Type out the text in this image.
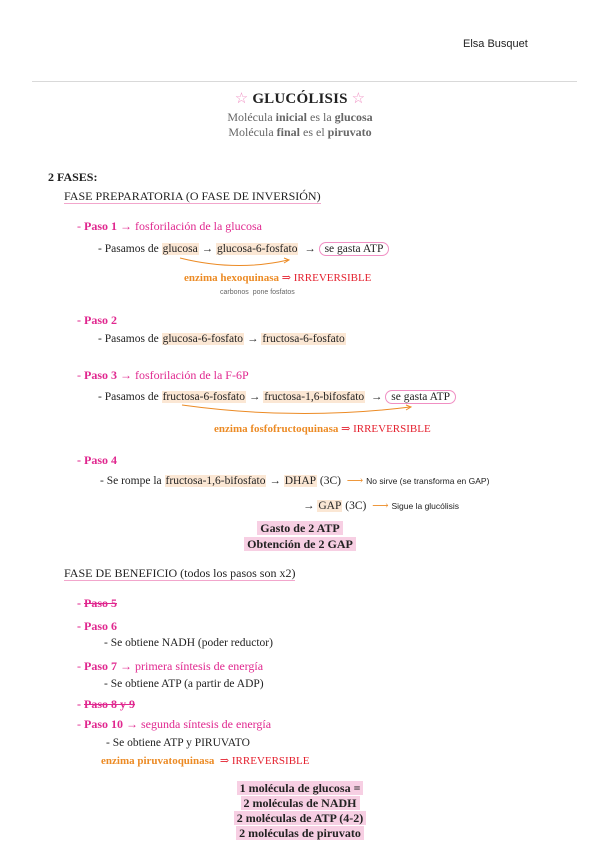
Elsa Busquet
☆ GLUCÓLISIS ☆
Molécula inicial es la glucosa
Molécula final es el piruvato
2 FASES:
FASE PREPARATORIA (O FASE DE INVERSIÓN)
- Paso 1 → fosforilación de la glucosa
- Pasamos de glucosa → glucosa-6-fosfato  → se gasta ATP
enzima hexoquinasa ⇒ IRREVERSIBLE
carbonos pone fosfatos
- Paso 2
- Pasamos de glucosa-6-fosfato → fructosa-6-fosfato
- Paso 3 → fosforilación de la F-6P
- Pasamos de fructosa-6-fosfato → fructosa-1,6-bifosfato  → se gasta ATP
enzima fosfofructoquinasa ⇒ IRREVERSIBLE
- Paso 4
- Se rompe la fructosa-1,6-bifosfato → DHAP (3C)  ⟶ No sirve (se transforma en GAP)
→ GAP (3C)  ⟶ Sigue la glucólisis
Gasto de 2 ATP
Obtención de 2 GAP
FASE DE BENEFICIO (todos los pasos son x2)
- Paso 5
- Paso 6
- Se obtiene NADH (poder reductor)
- Paso 7 → primera síntesis de energía
- Se obtiene ATP (a partir de ADP)
- Paso 8 y 9
- Paso 10 → segunda síntesis de energía
- Se obtiene ATP y PIRUVATO
enzima piruvatoquinasa ⇒ IRREVERSIBLE
1 molécula de glucosa =
2 moléculas de NADH
2 moléculas de ATP (4-2)
2 moléculas de piruvato
